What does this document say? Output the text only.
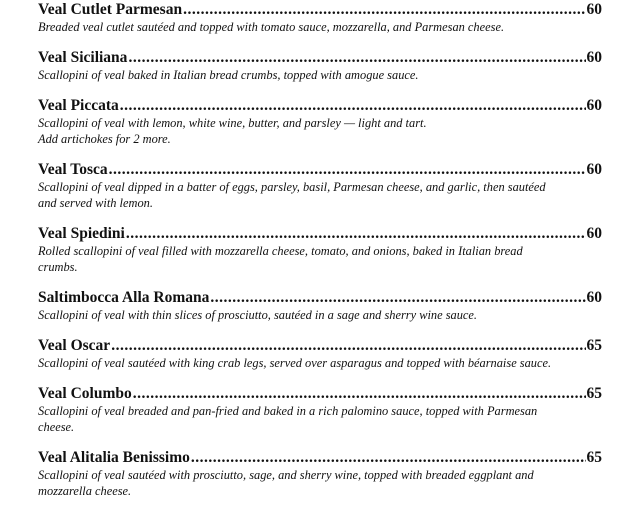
Veal Cutlet Parmesan .....	60
Breaded veal cutlet sautéed and topped with tomato sauce, mozzarella, and Parmesan cheese.
Veal Siciliana .....	60
Scallopini of veal baked in Italian bread crumbs, topped with amogue sauce.
Veal Piccata .....	60
Scallopini of veal with lemon, white wine, butter, and parsley — light and tart.
Add artichokes for 2 more.
Veal Tosca .....	60
Scallopini of veal dipped in a batter of eggs, parsley, basil, Parmesan cheese, and garlic, then sautéed
and served with lemon.
Veal Spiedini .....	60
Rolled scallopini of veal filled with mozzarella cheese, tomato, and onions, baked in Italian bread
crumbs.
Saltimbocca Alla Romana .....	60
Scallopini of veal with thin slices of prosciutto, sautéed in a sage and sherry wine sauce.
Veal Oscar .....	65
Scallopini of veal sautéed with king crab legs, served over asparagus and topped with béarnaise sauce.
Veal Columbo .....	65
Scallopini of veal breaded and pan-fried and baked in a rich palomino sauce, topped with Parmesan
cheese.
Veal Alitalia Benissimo .....	65
Scallopini of veal sautéed with prosciutto, sage, and sherry wine, topped with breaded eggplant and
mozzarella cheese.
